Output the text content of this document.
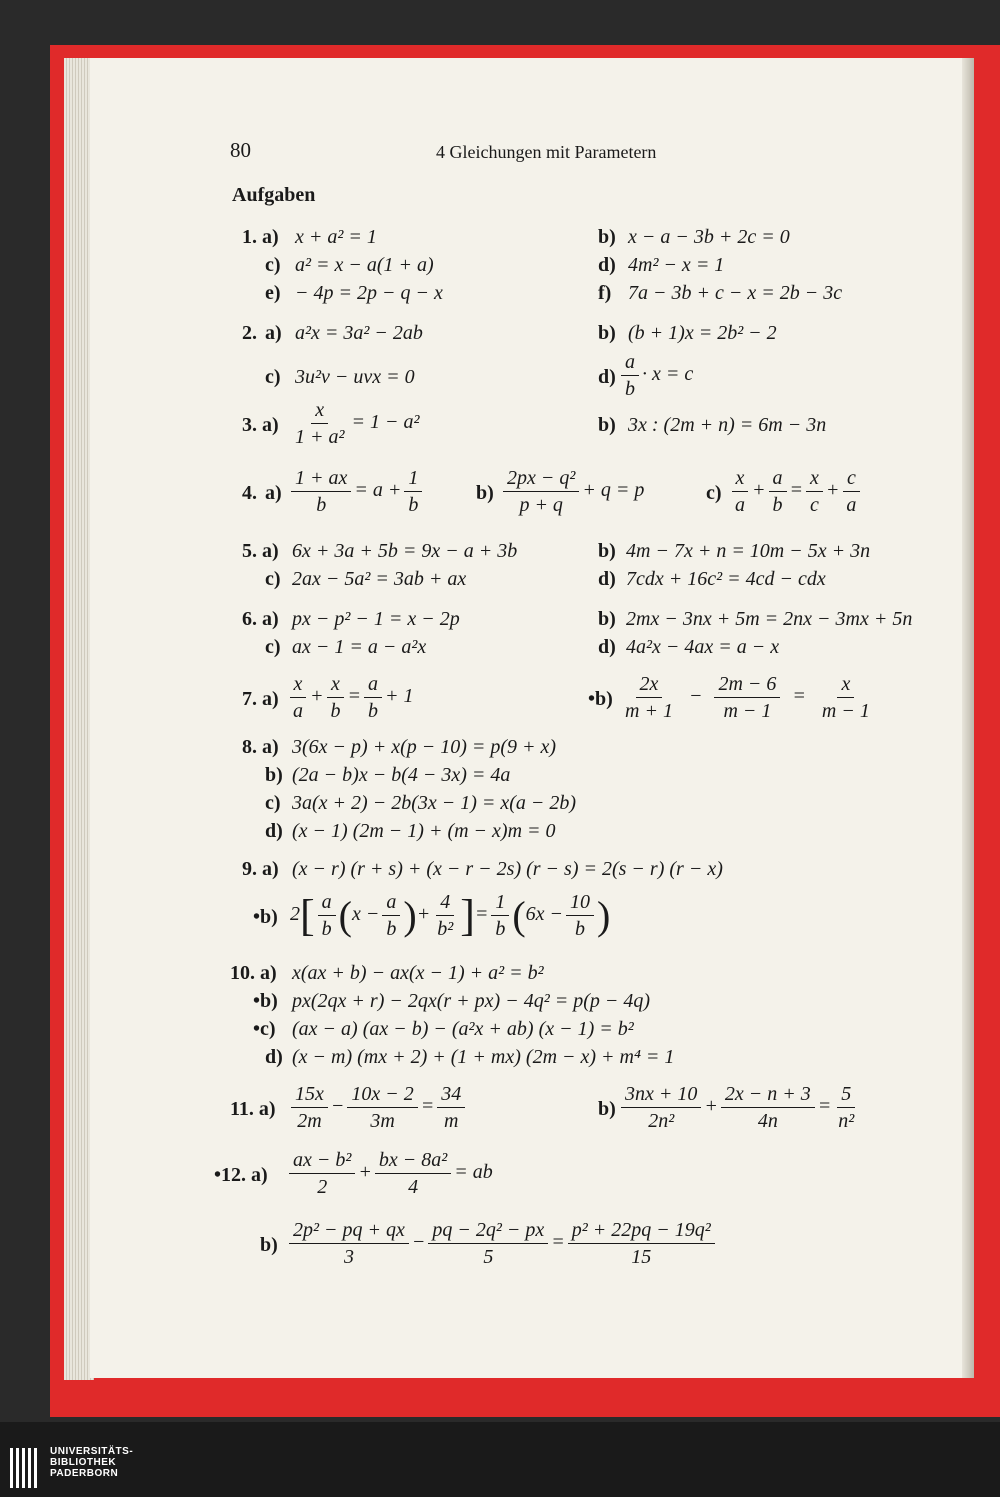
80	4 Gleichungen mit Parametern
Aufgaben
1. a) x + a² = 1	b) x − a − 3b + 2c = 0
c) a² = x − a(1 + a)	d) 4m² − x = 1
e) − 4p = 2p − q − x	f) 7a − 3b + c − x = 2b − 3c
2. a) a²x = 3a² − 2ab	b) (b + 1)x = 2b² − 2
c) 3u²v − uvx = 0	$d) \frac{a}{b} \cdot x = c$
3. $a) \frac{x}{\text{1 + a²}} = 1 - a^2$	b) 3x : (2m + n) = 6m − 3n
4. $a) \frac{1 + ax}{b} = a + \frac{1}{b}$	$b) \frac{\text{2px − q²}}{p + q} + q = p$	$c) \frac{x}{a} + \frac{a}{b} = \frac{x}{c} + \frac{c}{a}$
5. a) 6x + 3a + 5b = 9x − a + 3b	b) 4m − 7x + n = 10m − 5x + 3n
c) 2ax − 5a² = 3ab + ax	d) 7cdx + 16c² = 4cd − cdx
6. a) px − p² − 1 = x − 2p	b) 2mx − 3nx + 5m = 2nx − 3mx + 5n
c) ax − 1 = a − a²x	d) 4a²x − 4ax = a − x
7. $a) \frac{x}{a} + \frac{x}{b} = \frac{a}{b} + 1$	•b) $\frac{2x}{m + 1} - \frac{2m - 6}{m - 1} = \frac{x}{m - 1}$
8. a) 3(6x − p) + x(p − 10) = p(9 + x)
b) (2a − b)x − b(4 − 3x) = 4a
c) 3a(x + 2) − 2b(3x − 1) = x(a − 2b)
d) (x − 1) (2m − 1) + (m − x)m = 0
9. a) (x − r) (r + s) + (x − r − 2s) (r − s) = 2(s − r) (r − x)
•b) $2[ \frac{a}{b} (x - \frac{a}{b}$ )+ $\frac{4}{\text{b²}}$ ]= $\frac{1}{b} (6x - \frac{10}{b}$ )
10. a) x(ax + b) − ax(x − 1) + a² = b²
•b) px(2qx + r) − 2qx(r + px) − 4q² = p(p − 4q)
•c) (ax − a) (ax − b) − (a²x + ab) (x − 1) = b²
d) (x − m) (mx + 2) + (1 + mx) (2m − x) + m⁴ = 1
11. $a) \frac{15x}{2m} - \frac{10x - 2}{3m} = \frac{34}{m}$	$b) \frac{3nx + 10}{\text{2n²}} + \frac{2x - n + 3}{4n} = \frac{5}{\text{n²}}$
•12. $a) \frac{\text{ax − b²}}{2} + \frac{\text{bx − 8a²}}{4}$ = ab
$b) \frac{\text{2p² − pq + qx}}{3} - \frac{\text{pq − 2q² − px}}{5} = \frac{\text{p² + 22pq − 19q²}}{15}$
UNIVERSITÄTS-
BIBLIOTHEK
PADERBORN
